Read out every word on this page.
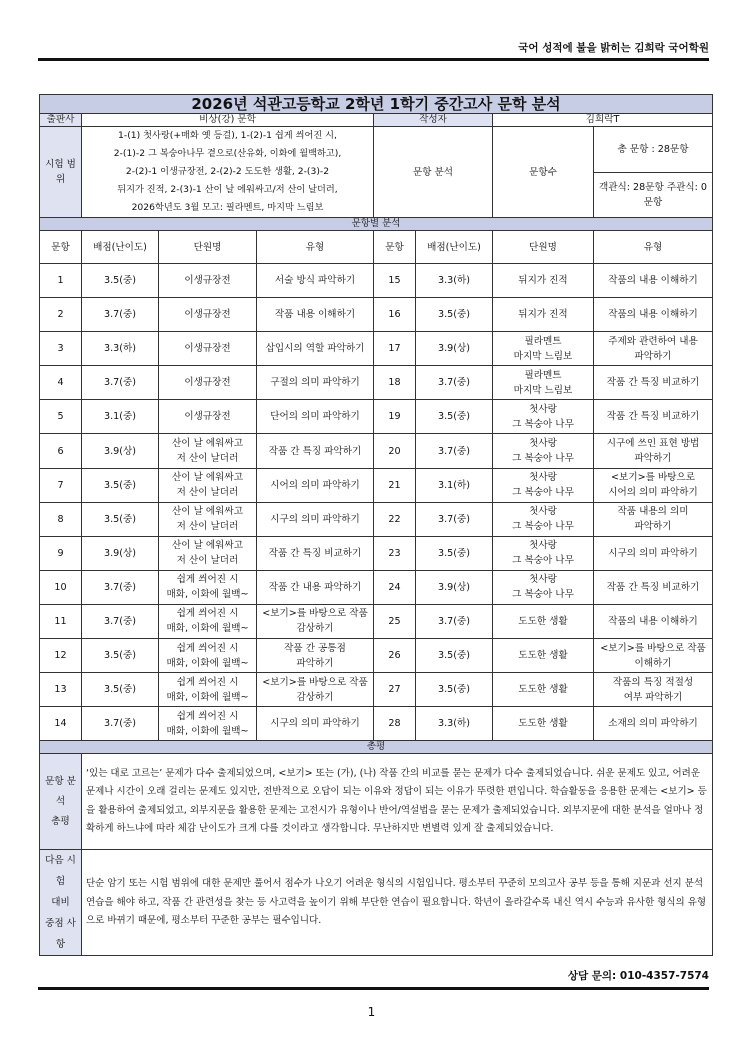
국어 성적에 불을 밝히는 김희락 국어학원
2026년 석관고등학교 2학년 1학기 중간고사 문학 분석							
출판사	비상(강) 문학			작성자		김희락T	
시험 범위	1-(1) 첫사랑(+매화 옛 등걸), 1-(2)-1 쉽게 씌어진 시,
2-(1)-2 그 복숭아나무 곁으로(산유화, 이화에 월백하고),
2-(2)-1 이생규장전, 2-(2)-2 도도한 생활, 2-(3)-2
뒤지가 진적, 2-(3)-1 산이 날 에워싸고/저 산이 날더러,
2026학년도 3월 모고: 필라멘트, 마지막 느림보			문항 분석		문항수	총 문항 : 28문항
							객관식: 28문항 주관식: 0문항
문항별 분석							
문항	배점(난이도)	단원명	유형	문항	배점(난이도)	단원명	유형
1	3.5(중)	이생규장전	서술 방식 파악하기	15	3.3(하)	뒤지가 진적	작품의 내용 이해하기

2	3.7(중)	이생규장전	작품 내용 이해하기	16	3.5(중)	뒤지가 진적	작품의 내용 이해하기

3	3.3(하)	이생규장전	삽입시의 역할 파악하기	17	3.9(상)	필라멘트
마지막 느림보	주제와 관련하여 내용
파악하기

4	3.7(중)	이생규장전	구절의 의미 파악하기	18	3.7(중)	필라멘트
마지막 느림보	작품 간 특징 비교하기

5	3.1(중)	이생규장전	단어의 의미 파악하기	19	3.5(중)	첫사랑
그 복숭아 나무	작품 간 특징 비교하기

6	3.9(상)	산이 날 에워싸고
저 산이 날더러	작품 간 특징 파악하기	20	3.7(중)	첫사랑
그 복숭아 나무	시구에 쓰인 표현 방법
파악하기

7	3.5(중)	산이 날 에워싸고
저 산이 날더러	시어의 의미 파악하기	21	3.1(하)	첫사랑
그 복숭아 나무	<보기>를 바탕으로
시어의 의미 파악하기

8	3.5(중)	산이 날 에워싸고
저 산이 날더러	시구의 의미 파악하기	22	3.7(중)	첫사랑
그 복숭아 나무	작품 내용의 의미
파악하기

9	3.9(상)	산이 날 에워싸고
저 산이 날더러	작품 간 특징 비교하기	23	3.5(중)	첫사랑
그 복숭아 나무	시구의 의미 파악하기

10	3.7(중)	쉽게 씌어진 시
매화, 이화에 월백~	작품 간 내용 파악하기	24	3.9(상)	첫사랑
그 복숭아 나무	작품 간 특징 비교하기

11	3.7(중)	쉽게 씌어진 시
매화, 이화에 월백~	<보기>를 바탕으로 작품
감상하기	25	3.7(중)	도도한 생활	작품의 내용 이해하기

12	3.5(중)	쉽게 씌어진 시
매화, 이화에 월백~	작품 간 공통점
파악하기	26	3.5(중)	도도한 생활	<보기>를 바탕으로 작품
이해하기

13	3.5(중)	쉽게 씌어진 시
매화, 이화에 월백~	<보기>를 바탕으로 작품
감상하기	27	3.5(중)	도도한 생활	작품의 특징 적절성
여부 파악하기

14	3.7(중)	쉽게 씌어진 시
매화, 이화에 월백~	시구의 의미 파악하기	28	3.3(하)	도도한 생활	소재의 의미 파악하기

총평							

문항 분석
총평	‘있는 대로 고르는’ 문제가 다수 출제되었으며, <보기> 또는 (가), (나) 작품 간의 비교를 묻는 문제가 다수 출제되었습니다. 쉬운 문제도 있고, 어려운 문제나 시간이 오래 걸리는 문제도 있지만, 전반적으로 오답이 되는 이유와 정답이 되는 이유가 뚜렷한 편입니다. 학습활동을 응용한 문제는 <보기> 등을 활용하여 출제되었고, 외부지문을 활용한 문제는 고전시가 유형이나 반어/역설법을 묻는 문제가 출제되었습니다. 외부지문에 대한 분석을 얼마나 정확하게 하느냐에 따라 체감 난이도가 크게 다를 것이라고 생각합니다. 무난하지만 변별력 있게 잘 출제되었습니다.						

다음 시험
대비
중점 사항	단순 암기 또는 시험 범위에 대한 문제만 풀어서 점수가 나오기 어려운 형식의 시험입니다. 평소부터 꾸준히 모의고사 공부 등을 통해 지문과 선지 분석 연습을 해야 하고, 작품 간 관련성을 찾는 등 사고력을 높이기 위해 부단한 연습이 필요합니다. 학년이 올라갈수록 내신 역시 수능과 유사한 형식의 유형으로 바뀌기 때문에, 평소부터 꾸준한 공부는 필수입니다.						
상담 문의: 010-4357-7574
1
